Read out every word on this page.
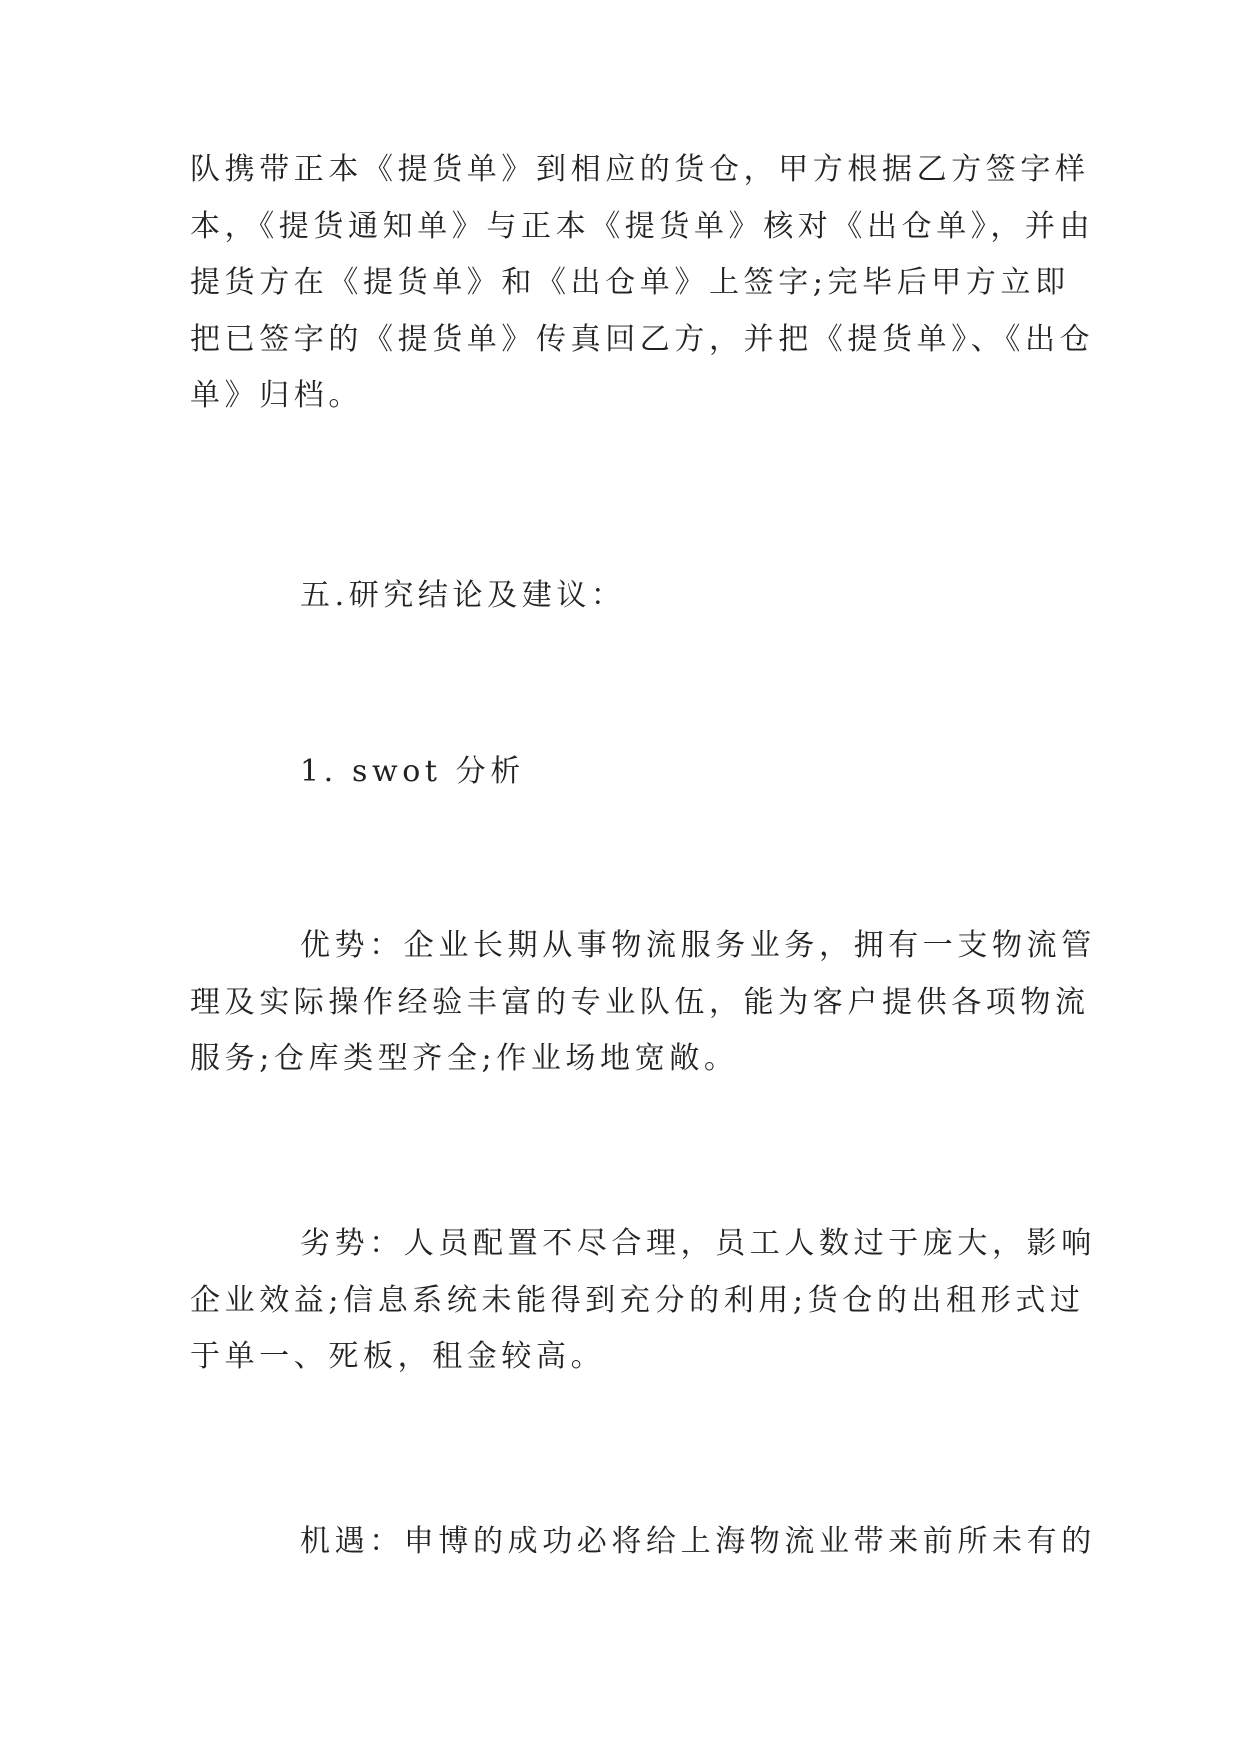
队携带正本《提货单》到相应的货仓，甲方根据乙方签字样
本，《提货通知单》与正本《提货单》核对《出仓单》，并由
提货方在《提货单》和《出仓单》上签字;完毕后甲方立即
把已签字的《提货单》传真回乙方，并把《提货单》、《出仓
单》归档。
五.研究结论及建议：
1. swot 分析
优势：企业长期从事物流服务业务，拥有一支物流管
理及实际操作经验丰富的专业队伍，能为客户提供各项物流
服务;仓库类型齐全;作业场地宽敞。
劣势：人员配置不尽合理，员工人数过于庞大，影响
企业效益;信息系统未能得到充分的利用;货仓的出租形式过
于单一、死板，租金较高。
机遇：申博的成功必将给上海物流业带来前所未有的
